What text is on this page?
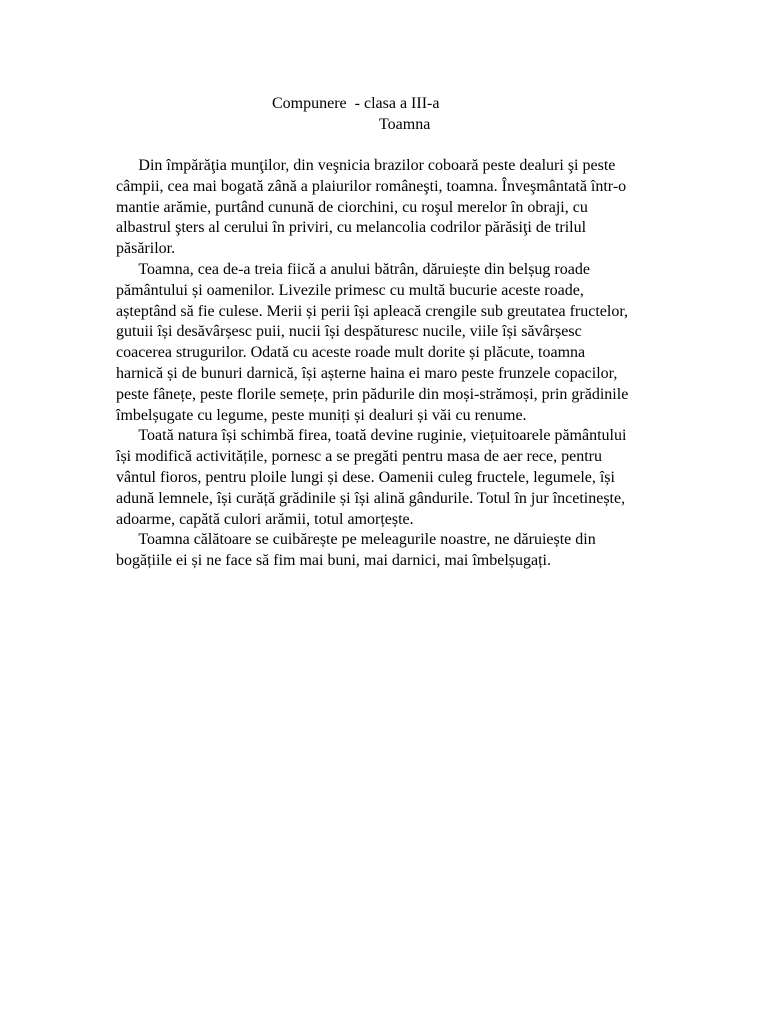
Compunere  - clasa a III-a
Toamna

Din împărăţia munţilor, din veşnicia brazilor coboară peste dealuri şi peste
câmpii, cea mai bogată zână a plaiurilor româneşti, toamna. Înveşmântată într-o
mantie arămie, purtând cunună de ciorchini, cu roşul merelor în obraji, cu
albastrul şters al cerului în priviri, cu melancolia codrilor părăsiţi de trilul
păsărilor.

Toamna, cea de-a treia fiică a anului bătrân, dăruiește din belșug roade
pământului și oamenilor. Livezile primesc cu multă bucurie aceste roade,
așteptând să fie culese. Merii și perii își apleacă crengile sub greutatea fructelor,
gutuii își desăvârșesc puii, nucii își despăturesc nucile, viile își săvârșesc
coacerea strugurilor. Odată cu aceste roade mult dorite și plăcute, toamna
harnică și de bunuri darnică, își așterne haina ei maro peste frunzele copacilor,
peste fânețe, peste florile semețe, prin pădurile din moși-strămoși, prin grădinile
îmbelșugate cu legume, peste muniți și dealuri și văi cu renume.

Toată natura își schimbă firea, toată devine ruginie, viețuitoarele pământului
își modifică activitățile, pornesc a se pregăti pentru masa de aer rece, pentru
vântul fioros, pentru ploile lungi și dese. Oamenii culeg fructele, legumele, își
adună lemnele, își curăță grădinile și își alină gândurile. Totul în jur încetinește,
adoarme, capătă culori arămii, totul amorțește.

Toamna călătoare se cuibărește pe meleagurile noastre, ne dăruiește din
bogățiile ei și ne face să fim mai buni, mai darnici, mai îmbelșugați.
